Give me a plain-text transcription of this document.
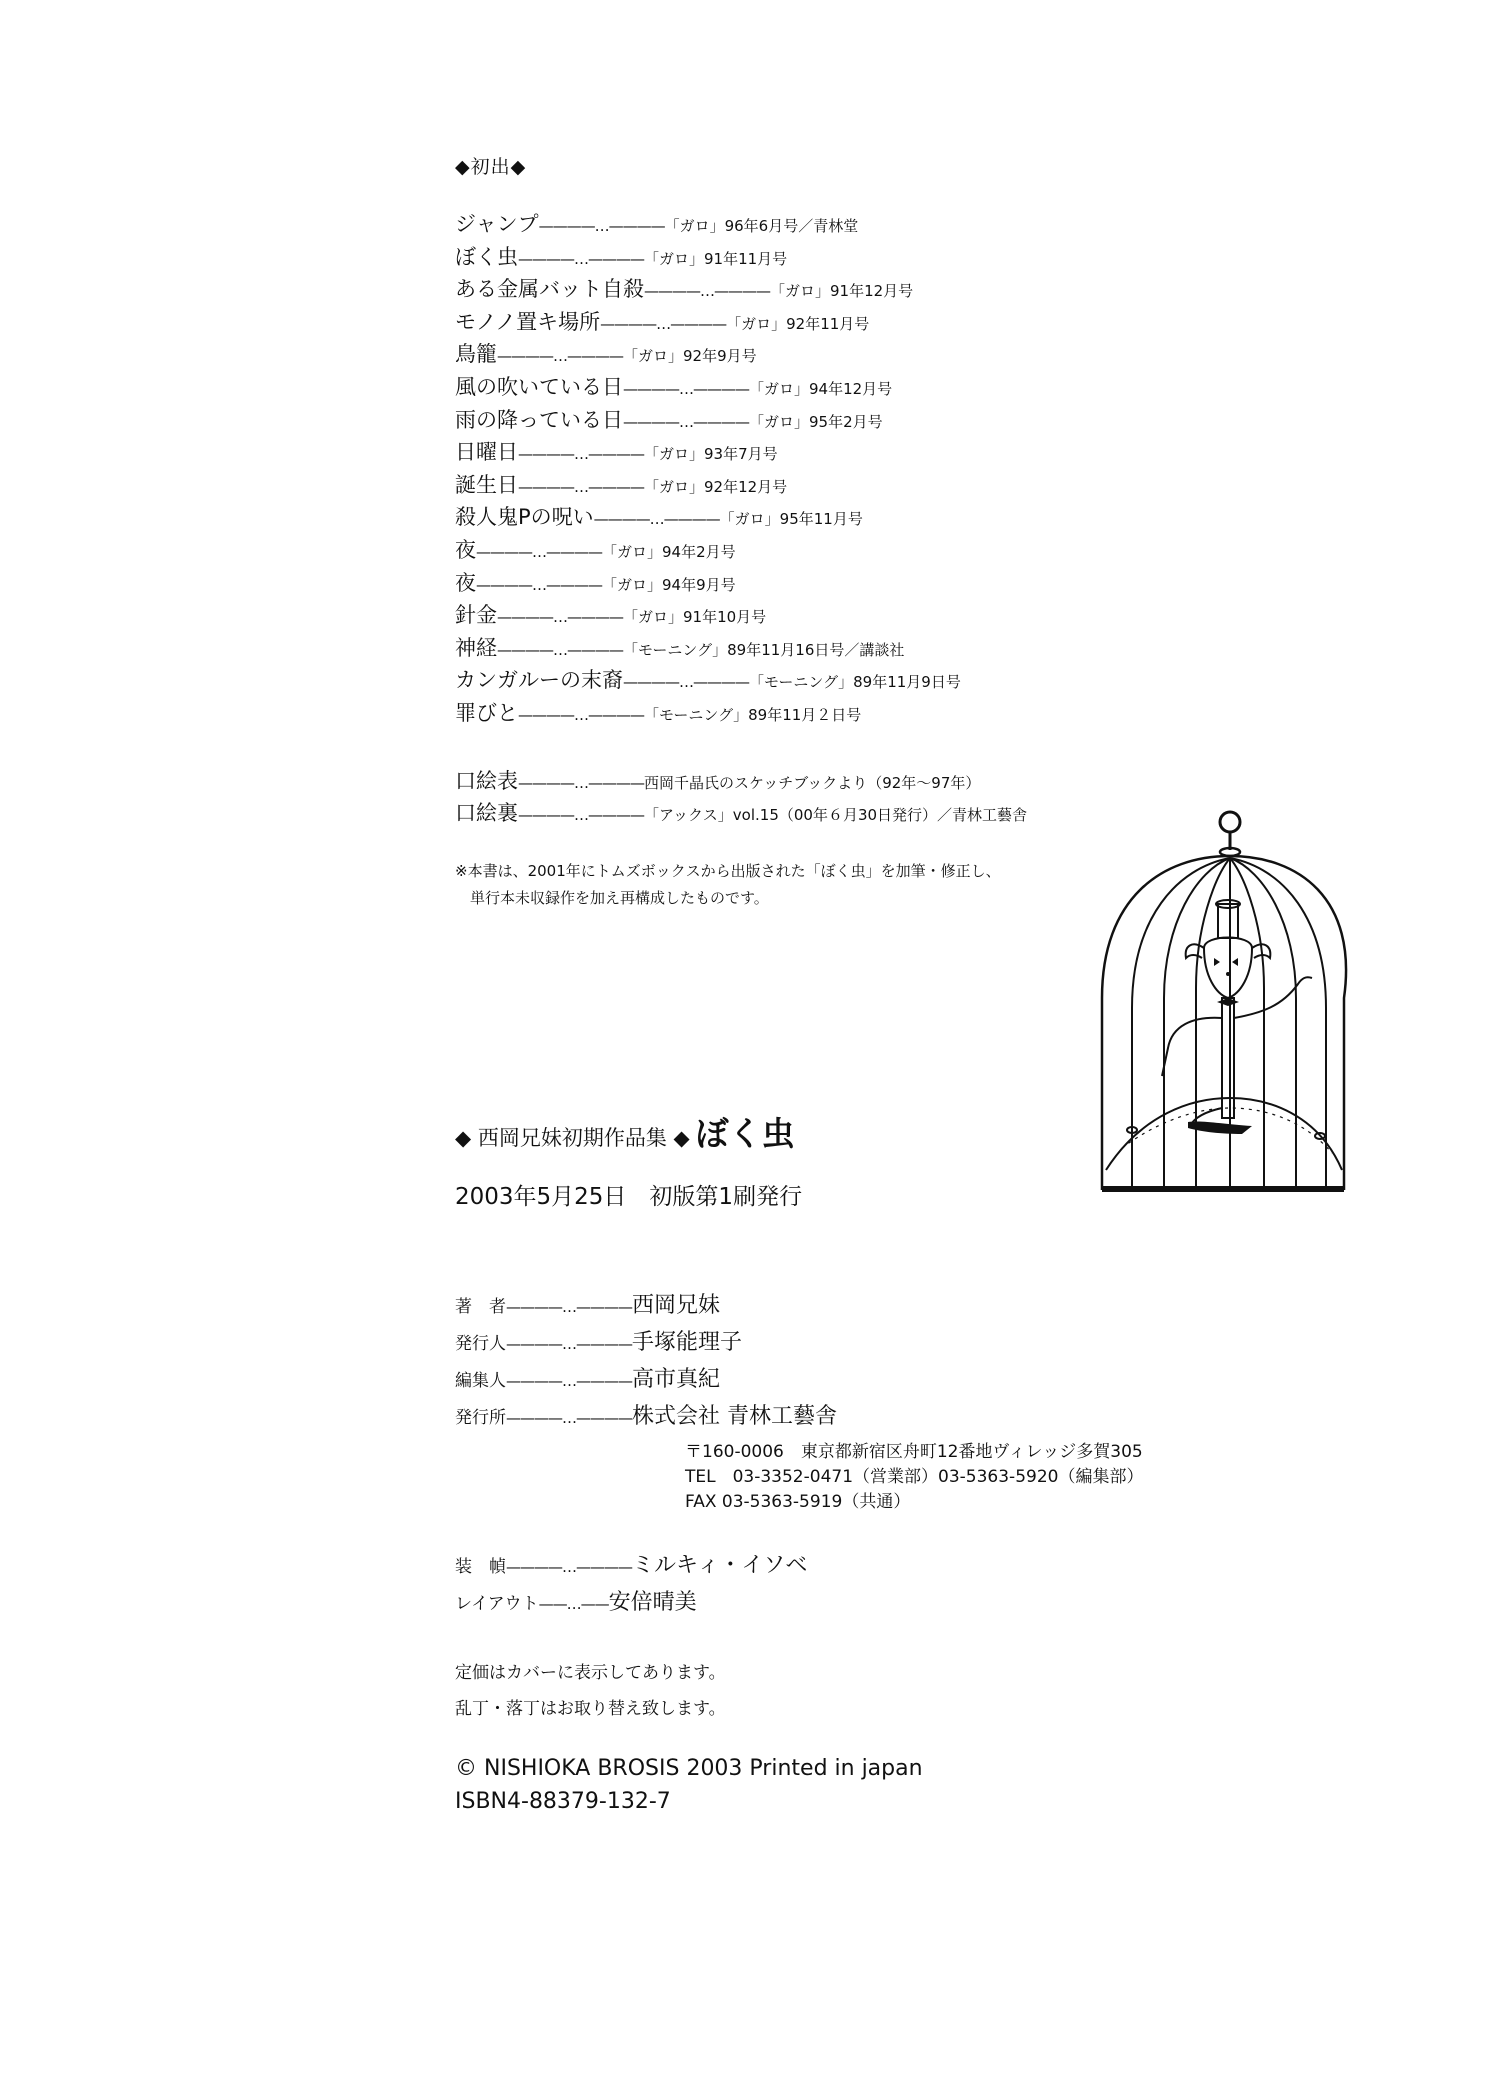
◆初出◆
ジャンプ ————…———— 「ガロ」96年6月号／青林堂
ぼく虫 ————…———— 「ガロ」91年11月号
ある金属バット自殺 ————…———— 「ガロ」91年12月号
モノノ置キ場所 ————…———— 「ガロ」92年11月号
鳥籠 ————…———— 「ガロ」92年9月号
風の吹いている日 ————…———— 「ガロ」94年12月号
雨の降っている日 ————…———— 「ガロ」95年2月号
日曜日 ————…———— 「ガロ」93年7月号
誕生日 ————…———— 「ガロ」92年12月号
殺人鬼Pの呪い ————…———— 「ガロ」95年11月号
夜 ————…———— 「ガロ」94年2月号
夜 ————…———— 「ガロ」94年9月号
針金 ————…———— 「ガロ」91年10月号
神経 ————…———— 「モーニング」89年11月16日号／講談社
カンガルーの末裔 ————…———— 「モーニング」89年11月9日号
罪びと ————…———— 「モーニング」89年11月２日号
口絵表 ————…———— 西岡千晶氏のスケッチブックより（92年〜97年）
口絵裏 ————…———— 「アックス」vol.15（00年６月30日発行）／青林工藝舎
※本書は、2001年にトムズボックスから出版された「ぼく虫」を加筆・修正し、
　単行本未収録作を加え再構成したものです。
◆ 西岡兄妹初期作品集 ◆ ぼく虫
2003年5月25日　初版第1刷発行
著　者 ————…———— 西岡兄妹
発行人 ————…———— 手塚能理子
編集人 ————…———— 高市真紀
発行所 ————…———— 株式会社 青林工藝舎
〒160-0006　東京都新宿区舟町12番地ヴィレッジ多賀305
TEL　03-3352-0471（営業部）03-5363-5920（編集部）
FAX 03-5363-5919（共通）
装　幀 ————…———— ミルキィ・イソベ
レイアウト ——…—— 安倍晴美
定価はカバーに表示してあります。
乱丁・落丁はお取り替え致します。
© NISHIOKA BROSIS 2003 Printed in japan
ISBN4-88379-132-7
